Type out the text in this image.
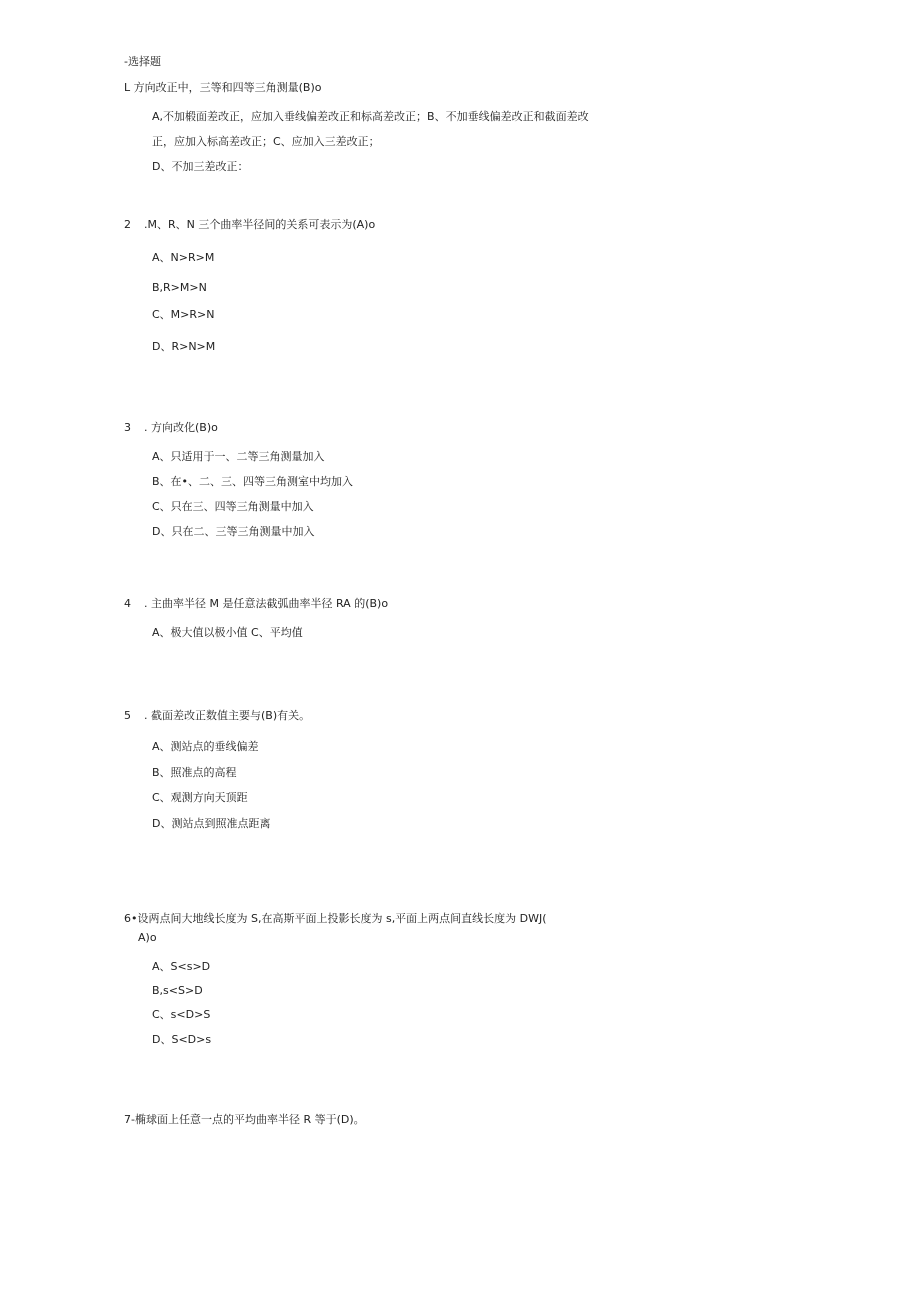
-选择题
L 方向改正中，三等和四等三角测量(B)o
A,不加椴面差改正，应加入垂线偏差改正和标高差改正；B、不加垂线偏差改正和截面差改
正，应加入标高差改正；C、应加入三差改正；
D、不加三差改正：
2 .M、R、N 三个曲率半径间的关系可表示为(A)o
A、N>R>M
B,R>M>N
C、M>R>N
D、R>N>M
3 . 方向改化(B)o
A、只适用于一、二等三角测量加入
B、在•、二、三、四等三角测室中均加入
C、只在三、四等三角测量中加入
D、只在二、三等三角测量中加入
4 . 主曲率半径 M 是任意法截弧曲率半径 RA 的(B)o
A、极大值以极小值 C、平均值
5 . 截面差改正数值主要与(B)有关。
A、测站点的垂线偏差
B、照准点的高程
C、观测方向天顶距
D、测站点到照准点距离
6•设两点间大地线长度为 S,在高斯平面上投影长度为 s,平面上两点间直线长度为 DWJ(
A)o
A、S<s>D
B,s<S>D
C、s<D>S
D、S<D>s
7-椭球面上任意一点的平均曲率半径 R 等于(D)。
